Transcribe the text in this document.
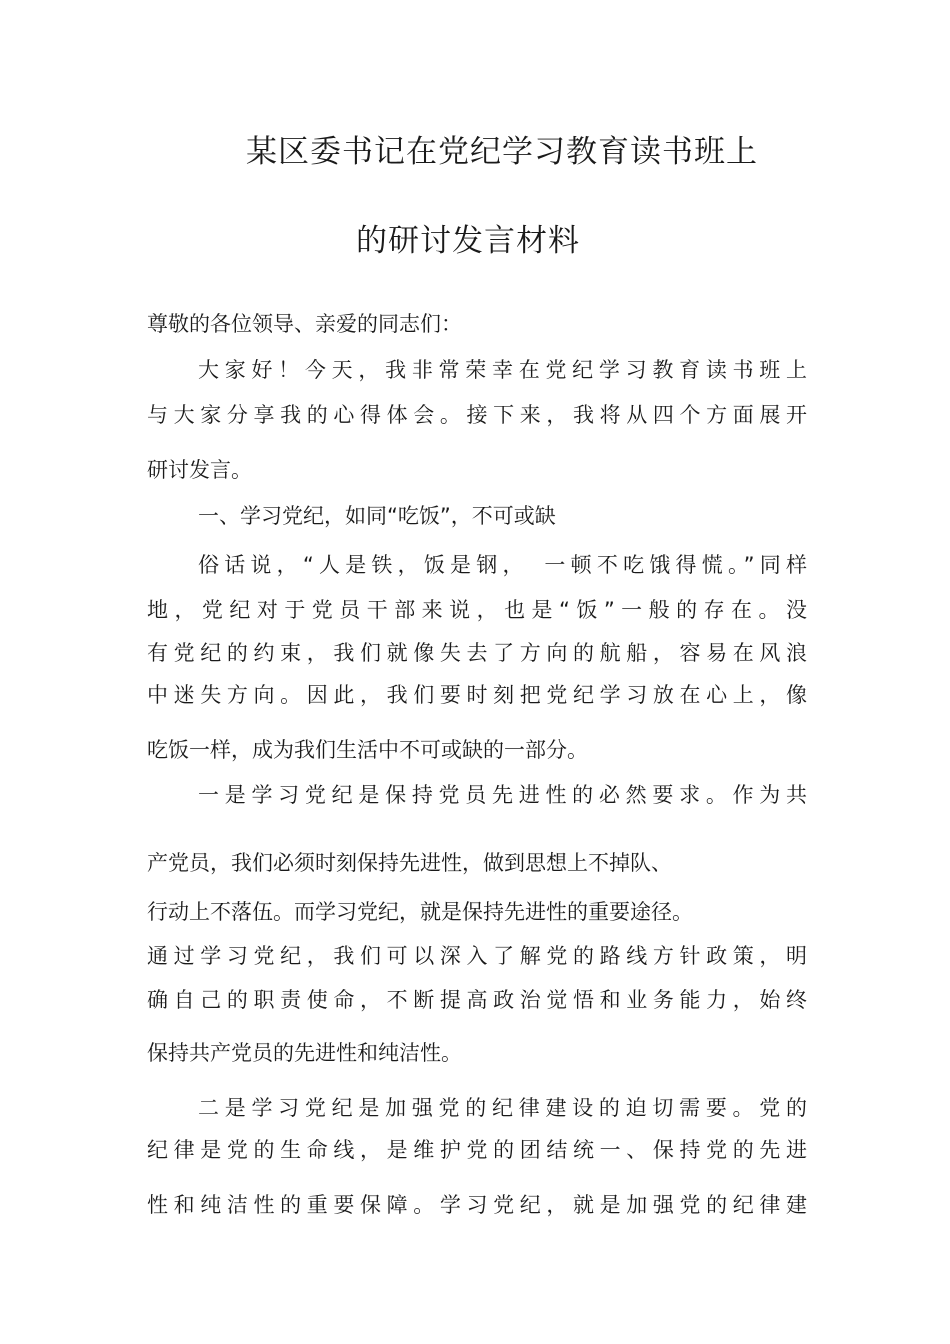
某区委书记在党纪学习教育读书班上
的研讨发言材料

尊敬的各位领导、亲爱的同志们：

大家好！今天，我非常荣幸在党纪学习教育读书班上

与大家分享我的心得体会。接下来，我将从四个方面展开

研讨发言。

一、学习党纪，如同“吃饭”，不可或缺

俗话说，“人是铁，饭是钢，　一顿不吃饿得慌。”同样

地，党纪对于党员干部来说，也是“饭”一般的存在。没

有党纪的约束，我们就像失去了方向的航船，容易在风浪

中迷失方向。因此，我们要时刻把党纪学习放在心上，像

吃饭一样，成为我们生活中不可或缺的一部分。

一是学习党纪是保持党员先进性的必然要求。作为共

产党员，我们必须时刻保持先进性，做到思想上不掉队、

行动上不落伍。而学习党纪，就是保持先进性的重要途径。

通过学习党纪，我们可以深入了解党的路线方针政策，明

确自己的职责使命，不断提高政治觉悟和业务能力，始终

保持共产党员的先进性和纯洁性。

二是学习党纪是加强党的纪律建设的迫切需要。党的

纪律是党的生命线，是维护党的团结统一、保持党的先进

性和纯洁性的重要保障。学习党纪，就是加强党的纪律建
